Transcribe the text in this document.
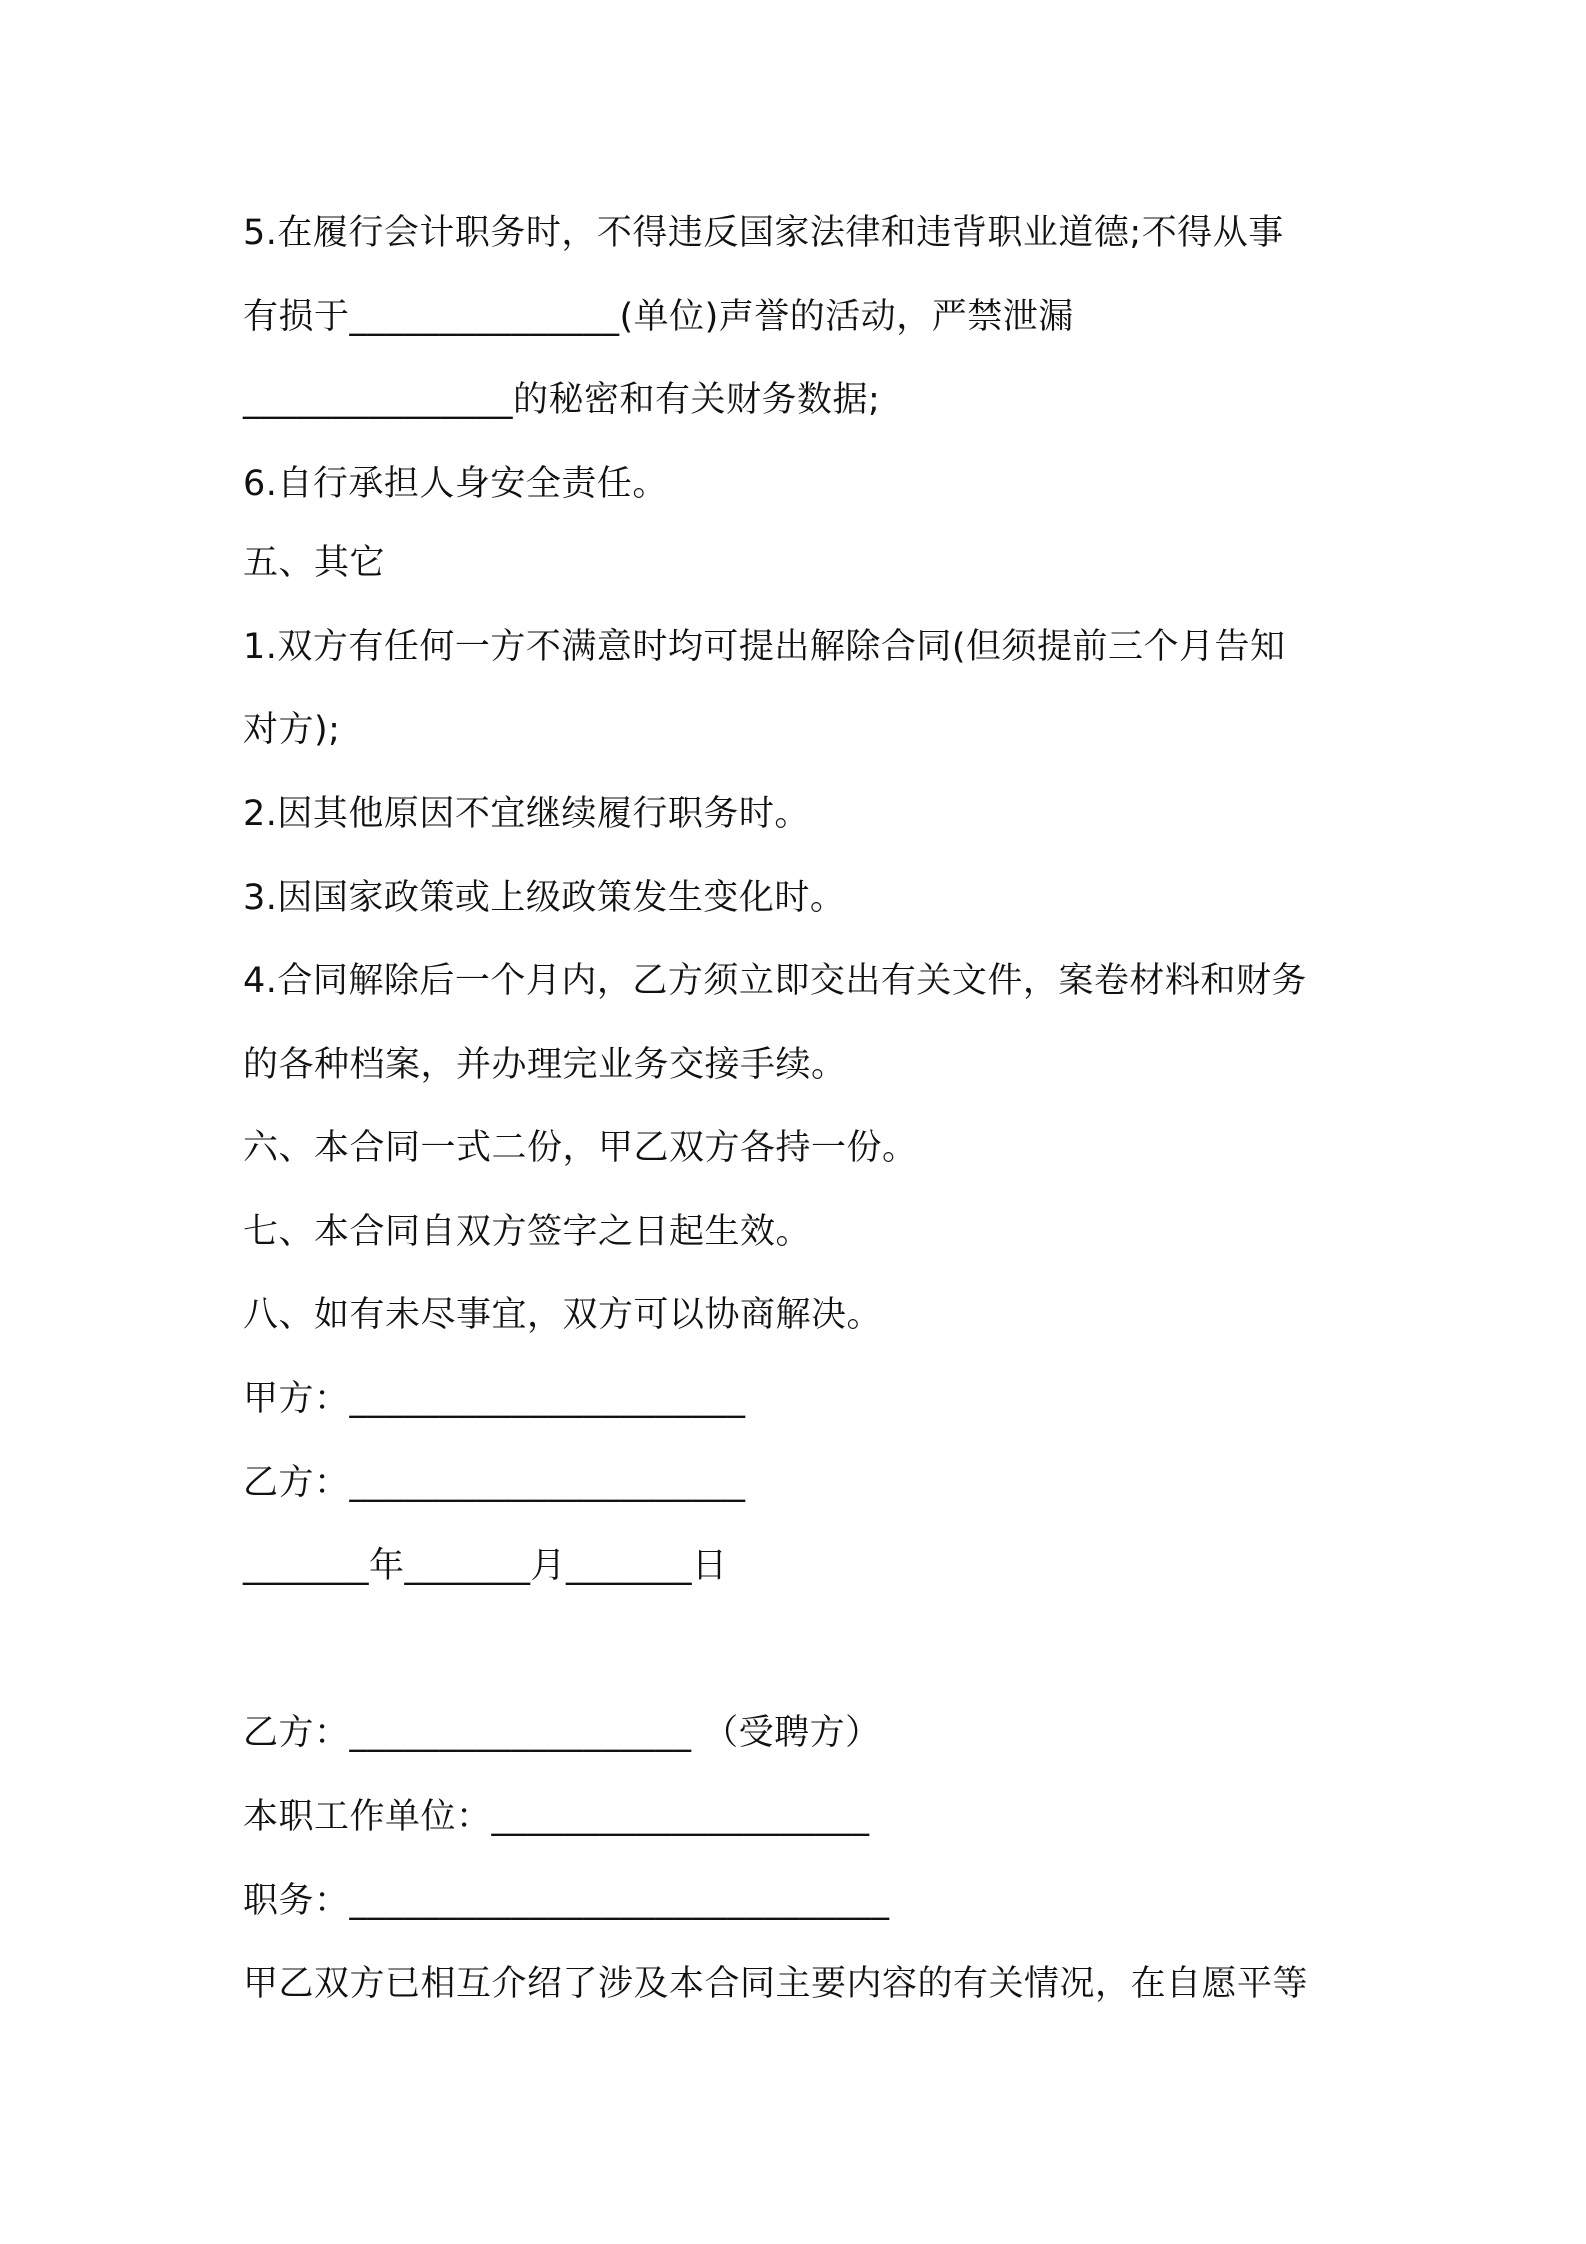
5.在履行会计职务时，不得违反国家法律和违背职业道德;不得从事
有损于_______________(单位)声誉的活动，严禁泄漏
_______________的秘密和有关财务数据;
6.自行承担人身安全责任。
五、其它
1.双方有任何一方不满意时均可提出解除合同(但须提前三个月告知
对方);
2.因其他原因不宜继续履行职务时。
3.因国家政策或上级政策发生变化时。
4.合同解除后一个月内，乙方须立即交出有关文件，案卷材料和财务
的各种档案，并办理完业务交接手续。
六、本合同一式二份，甲乙双方各持一份。
七、本合同自双方签字之日起生效。
八、如有未尽事宜，双方可以协商解决。
甲方：______________________
乙方：______________________
_______年_______月_______日
乙方：___________________ （受聘方）
本职工作单位：_____________________
职务：______________________________
甲乙双方已相互介绍了涉及本合同主要内容的有关情况，在自愿平等
